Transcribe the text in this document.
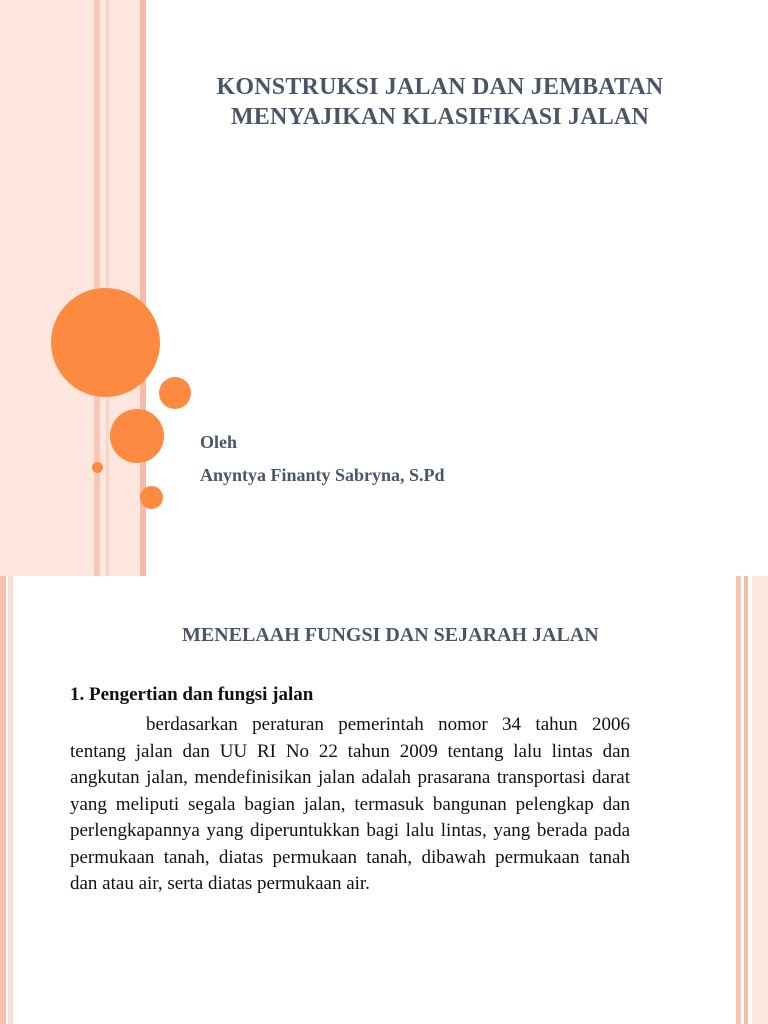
KONSTRUKSI JALAN DAN JEMBATAN
MENYAJIKAN KLASIFIKASI JALAN
Oleh
Anyntya Finanty Sabryna, S.Pd
MENELAAH FUNGSI DAN SEJARAH JALAN
1. Pengertian dan fungsi jalan

berdasarkan peraturan pemerintah nomor 34 tahun 2006 tentang jalan dan UU RI No 22 tahun 2009 tentang lalu lintas dan angkutan jalan, mendefinisikan jalan adalah prasarana transportasi darat yang meliputi segala bagian jalan, termasuk bangunan pelengkap dan perlengkapannya yang diperuntukkan bagi lalu lintas, yang berada pada permukaan tanah, diatas permukaan tanah, dibawah permukaan tanah dan atau air, serta diatas permukaan air.
